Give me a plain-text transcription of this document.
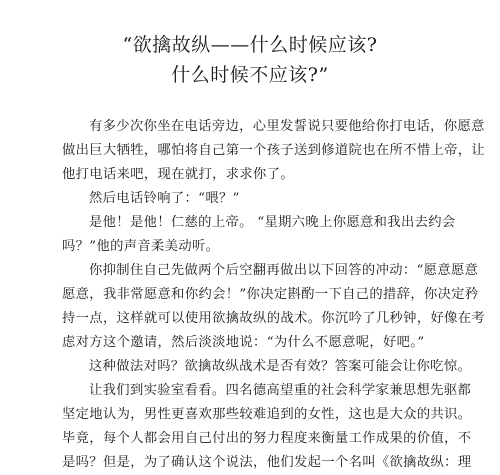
“欲擒故纵——什么时候应该?
什么时候不应该?”
有多少次你坐在电话旁边，心里发誓说只要他给你打电话，你愿意
做出巨大牺牲，哪怕将自己第一个孩子送到修道院也在所不惜上帝，让
他打电话来吧，现在就打，求求你了。
然后电话铃响了：“喂？”
是他！是他！仁慈的上帝。 “星期六晚上你愿意和我出去约会
吗？”他的声音柔美动听。
你抑制住自己先做两个后空翻再做出以下回答的冲动：“愿意愿意
愿意，我非常愿意和你约会！”你决定斟酌一下自己的措辞，你决定矜
持一点，这样就可以使用欲擒故纵的战术。你沉吟了几秒钟，好像在考
虑对方这个邀请，然后淡淡地说：“为什么不愿意呢，好吧。”
这种做法对吗？欲擒故纵战术是否有效？答案可能会让你吃惊。
让我们到实验室看看。四名德高望重的社会科学家兼思想先驱都
坚定地认为，男性更喜欢那些较难追到的女性，这也是大众的共识。
毕竟，每个人都会用自己付出的努力程度来衡量工作成果的价值，不
是吗？但是，为了确认这个说法，他们发起一个名叫《欲擒故纵：理
